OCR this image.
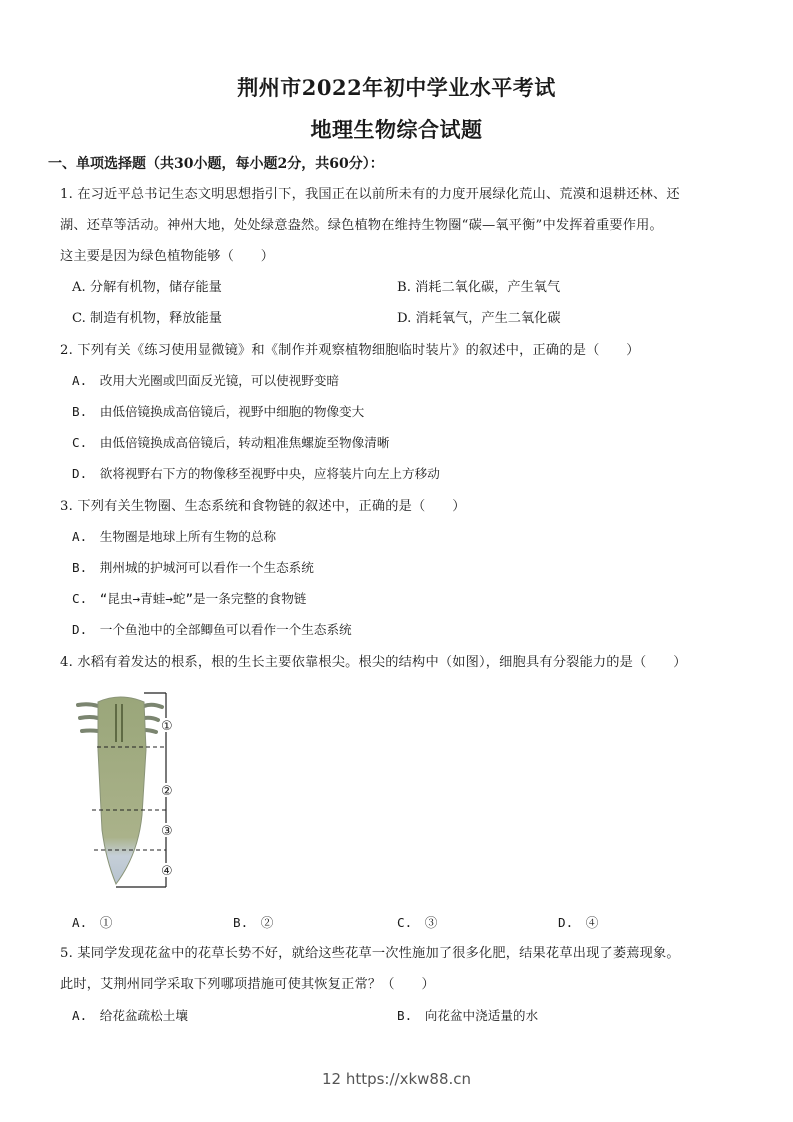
荆州市2022年初中学业水平考试
地理生物综合试题
一、单项选择题（共30小题，每小题2分，共60分）：
1. 在习近平总书记生态文明思想指引下，我国正在以前所未有的力度开展绿化荒山、荒漠和退耕还林、还
湖、还草等活动。神州大地，处处绿意盎然。绿色植物在维持生物圈“碳—氧平衡”中发挥着重要作用。
这主要是因为绿色植物能够（　　）
A. 分解有机物，储存能量	B. 消耗二氧化碳，产生氧气
C. 制造有机物，释放能量	D. 消耗氧气，产生二氧化碳
2. 下列有关《练习使用显微镜》和《制作并观察植物细胞临时装片》的叙述中，正确的是（　　）
A.　改用大光圈或凹面反光镜，可以使视野变暗
B.　由低倍镜换成高倍镜后，视野中细胞的物像变大
C.　由低倍镜换成高倍镜后，转动粗准焦螺旋至物像清晰
D.　欲将视野右下方的物像移至视野中央，应将装片向左上方移动
3. 下列有关生物圈、生态系统和食物链的叙述中，正确的是（　　）
A.　生物圈是地球上所有生物的总称
B.　荆州城的护城河可以看作一个生态系统
C.　“昆虫→青蛙→蛇”是一条完整的食物链
D.　一个鱼池中的全部鲫鱼可以看作一个生态系统
4. 水稻有着发达的根系，根的生长主要依靠根尖。根尖的结构中（如图），细胞具有分裂能力的是（　　）
①
②
③
④
A.　①	B.　②	C.　③	D.　④
5. 某同学发现花盆中的花草长势不好，就给这些花草一次性施加了很多化肥，结果花草出现了萎蔫现象。
此时，艾荆州同学采取下列哪项措施可使其恢复正常？（　　）
A.　给花盆疏松土壤	B.　向花盆中浇适量的水
12 https://xkw88.cn
